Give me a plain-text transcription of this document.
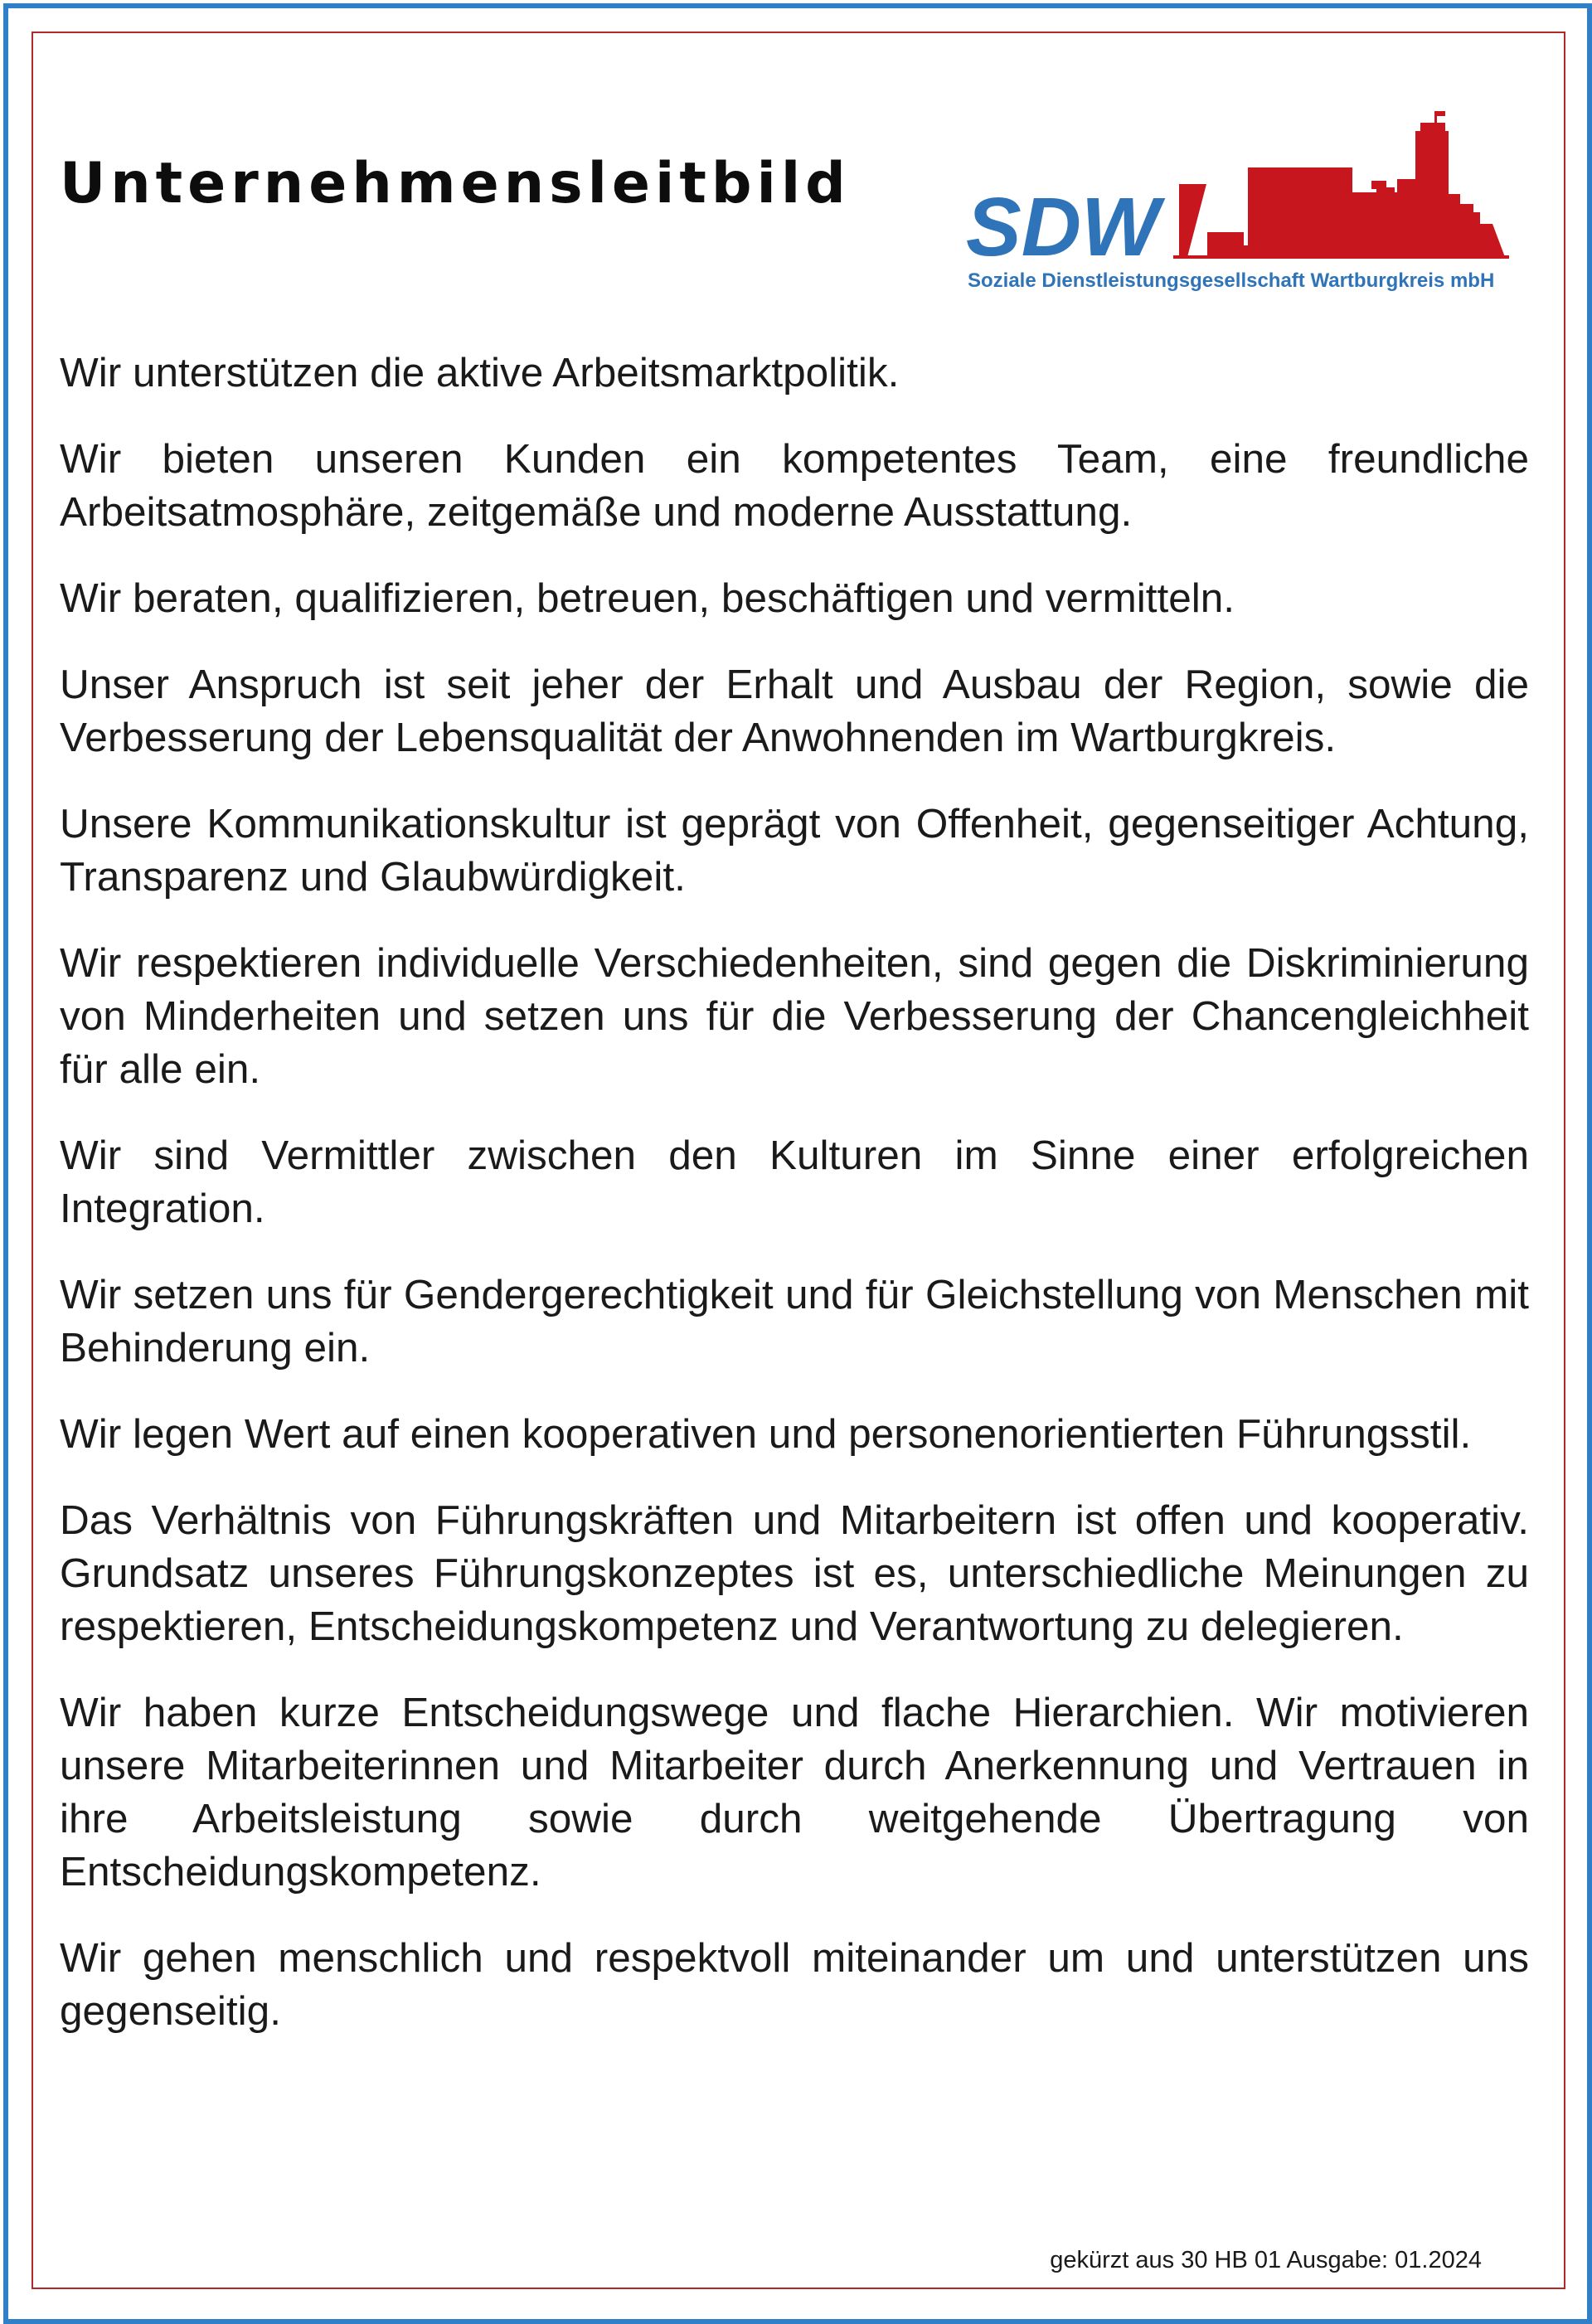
Unternehmensleitbild SDW
Soziale Dienstleistungsgesellschaft Wartburgkreis mbH

Wir unterstützen die aktive Arbeitsmarktpolitik.

Wir bieten unseren Kunden ein kompetentes Team, eine freundliche Arbeitsatmosphäre, zeitgemäße und moderne Ausstattung.

Wir beraten, qualifizieren, betreuen, beschäftigen und vermitteln.

Unser Anspruch ist seit jeher der Erhalt und Ausbau der Region, sowie die Verbesserung der Lebensqualität der Anwohnenden im Wartburgkreis.

Unsere Kommunikationskultur ist geprägt von Offenheit, gegenseitiger Achtung, Transparenz und Glaubwürdigkeit.

Wir respektieren individuelle Verschiedenheiten, sind gegen die Diskriminierung von Minderheiten und setzen uns für die Verbesserung der Chancengleichheit für alle ein.

Wir sind Vermittler zwischen den Kulturen im Sinne einer erfolgreichen Integration.

Wir setzen uns für Gendergerechtigkeit und für Gleichstellung von Menschen mit Behinderung ein.

Wir legen Wert auf einen kooperativen und personenorientierten Führungsstil.

Das Verhältnis von Führungskräften und Mitarbeitern ist offen und kooperativ. Grundsatz unseres Führungskonzeptes ist es, unterschiedliche Meinungen zu respektieren, Entscheidungskompetenz und Verantwortung zu delegieren.

Wir haben kurze Entscheidungswege und flache Hierarchien. Wir motivieren unsere Mitarbeiterinnen und Mitarbeiter durch Anerkennung und Vertrauen in ihre Arbeitsleistung sowie durch weitgehende Übertragung von Entscheidungskompetenz.

Wir gehen menschlich und respektvoll miteinander um und unterstützen uns gegenseitig.

gekürzt aus 30 HB 01 Ausgabe: 01.2024
